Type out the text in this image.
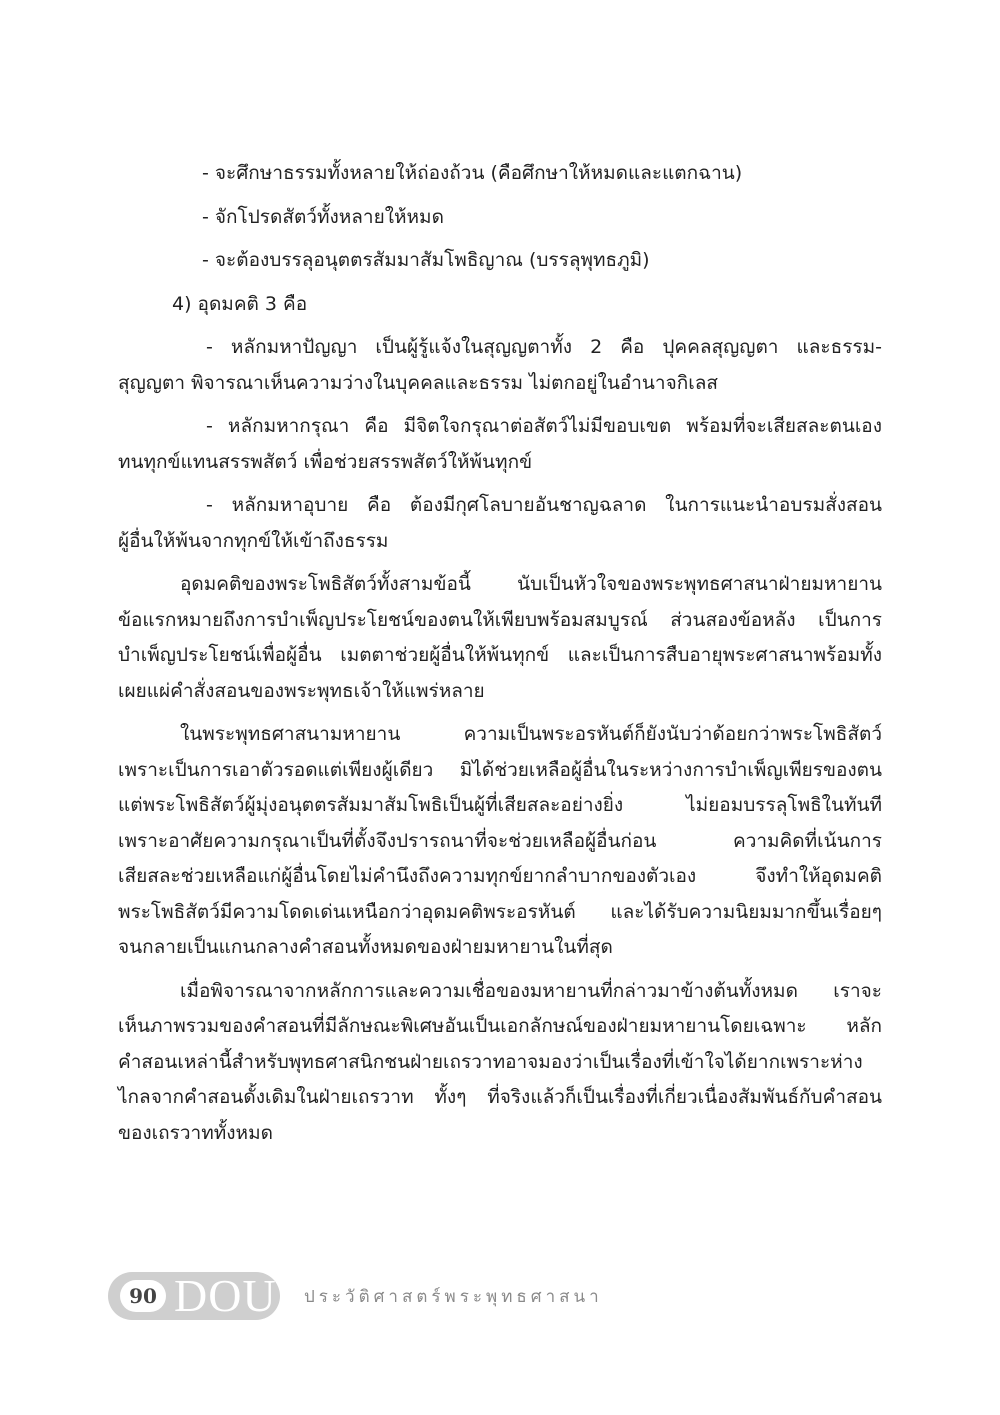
- จะศึกษาธรรมทั้งหลายให้ถ่องถ้วน (คือศึกษาให้หมดและแตกฉาน)

- จักโปรดสัตว์ทั้งหลายให้หมด

- จะต้องบรรลุอนุตตรสัมมาสัมโพธิญาณ (บรรลุพุทธภูมิ)

4) อุดมคติ 3 คือ

- หลักมหาปัญญา เป็นผู้รู้แจ้งในสุญญตาทั้ง 2 คือ ปุคคลสุญญตา และธรรม-

สุญญตา พิจารณาเห็นความว่างในบุคคลและธรรม ไม่ตกอยู่ในอำนาจกิเลส

- หลักมหากรุณา คือ มีจิตใจกรุณาต่อสัตว์ไม่มีขอบเขต พร้อมที่จะเสียสละตนเอง

ทนทุกข์แทนสรรพสัตว์ เพื่อช่วยสรรพสัตว์ให้พ้นทุกข์

- หลักมหาอุบาย คือ ต้องมีกุศโลบายอันชาญฉลาด ในการแนะนำอบรมสั่งสอน

ผู้อื่นให้พ้นจากทุกข์ให้เข้าถึงธรรม

อุดมคติของพระโพธิสัตว์ทั้งสามข้อนี้ นับเป็นหัวใจของพระพุทธศาสนาฝ่ายมหายาน

ข้อแรกหมายถึงการบำเพ็ญประโยชน์ของตนให้เพียบพร้อมสมบูรณ์ ส่วนสองข้อหลัง เป็นการ

บำเพ็ญประโยชน์เพื่อผู้อื่น เมตตาช่วยผู้อื่นให้พ้นทุกข์ และเป็นการสืบอายุพระศาสนาพร้อมทั้ง

เผยแผ่คำสั่งสอนของพระพุทธเจ้าให้แพร่หลาย

ในพระพุทธศาสนามหายาน ความเป็นพระอรหันต์ก็ยังนับว่าด้อยกว่าพระโพธิสัตว์

เพราะเป็นการเอาตัวรอดแต่เพียงผู้เดียว มิได้ช่วยเหลือผู้อื่นในระหว่างการบำเพ็ญเพียรของตน

แต่พระโพธิสัตว์ผู้มุ่งอนุตตรสัมมาสัมโพธิเป็นผู้ที่เสียสละอย่างยิ่ง ไม่ยอมบรรลุโพธิในทันที

เพราะอาศัยความกรุณาเป็นที่ตั้งจึงปรารถนาที่จะช่วยเหลือผู้อื่นก่อน ความคิดที่เน้นการ

เสียสละช่วยเหลือแก่ผู้อื่นโดยไม่คำนึงถึงความทุกข์ยากลำบากของตัวเอง จึงทำให้อุดมคติ

พระโพธิสัตว์มีความโดดเด่นเหนือกว่าอุดมคติพระอรหันต์ และได้รับความนิยมมากขึ้นเรื่อยๆ

จนกลายเป็นแกนกลางคำสอนทั้งหมดของฝ่ายมหายานในที่สุด

เมื่อพิจารณาจากหลักการและความเชื่อของมหายานที่กล่าวมาข้างต้นทั้งหมด เราจะ

เห็นภาพรวมของคำสอนที่มีลักษณะพิเศษอันเป็นเอกลักษณ์ของฝ่ายมหายานโดยเฉพาะ หลัก

คำสอนเหล่านี้สำหรับพุทธศาสนิกชนฝ่ายเถรวาทอาจมองว่าเป็นเรื่องที่เข้าใจได้ยากเพราะห่าง

ไกลจากคำสอนดั้งเดิมในฝ่ายเถรวาท ทั้งๆ ที่จริงแล้วก็เป็นเรื่องที่เกี่ยวเนื่องสัมพันธ์กับคำสอน

ของเถรวาททั้งหมด

90 DOU ประวัติศาสตร์พระพุทธศาสนา
